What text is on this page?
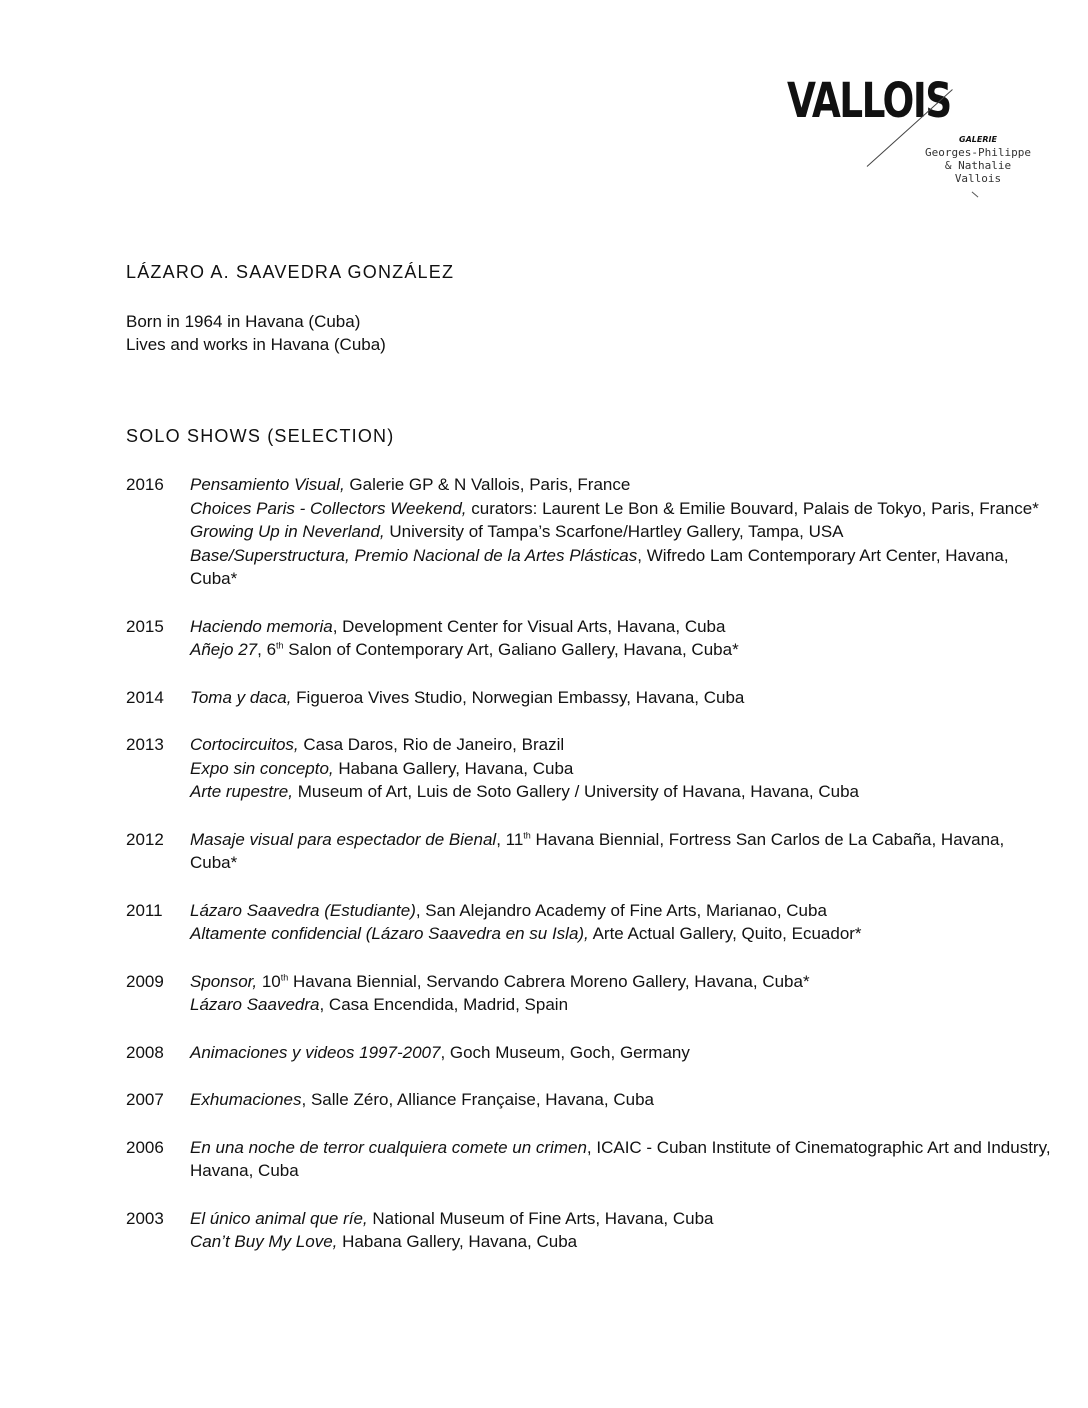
VALLOIS
GALERIE
Georges-Philippe
& Nathalie
Vallois
LÁZARO A. SAAVEDRA GONZÁLEZ
Born in 1964 in Havana (Cuba)
Lives and works in Havana (Cuba)
SOLO SHOWS (SELECTION)
2016	Pensamiento Visual, Galerie GP & N Vallois, Paris, France
Choices Paris - Collectors Weekend, curators: Laurent Le Bon & Emilie Bouvard, Palais de Tokyo, Paris, France*
Growing Up in Neverland, University of Tampa’s Scarfone/Hartley Gallery, Tampa, USA
Base/Superstructura, Premio Nacional de la Artes Plásticas, Wifredo Lam Contemporary Art Center, Havana, Cuba*
2015	Haciendo memoria, Development Center for Visual Arts, Havana, Cuba
Añejo 27, 6th Salon of Contemporary Art, Galiano Gallery, Havana, Cuba*
2014	Toma y daca, Figueroa Vives Studio, Norwegian Embassy, Havana, Cuba
2013	Cortocircuitos, Casa Daros, Rio de Janeiro, Brazil
Expo sin concepto, Habana Gallery, Havana, Cuba
Arte rupestre, Museum of Art, Luis de Soto Gallery / University of Havana, Havana, Cuba
2012	Masaje visual para espectador de Bienal, 11th Havana Biennial, Fortress San Carlos de La Cabaña, Havana, Cuba*
2011	Lázaro Saavedra (Estudiante), San Alejandro Academy of Fine Arts, Marianao, Cuba
Altamente confidencial (Lázaro Saavedra en su Isla), Arte Actual Gallery, Quito, Ecuador*
2009	Sponsor, 10th Havana Biennial, Servando Cabrera Moreno Gallery, Havana, Cuba*
Lázaro Saavedra, Casa Encendida, Madrid, Spain
2008	Animaciones y videos 1997-2007, Goch Museum, Goch, Germany
2007	Exhumaciones, Salle Zéro, Alliance Française, Havana, Cuba
2006	En una noche de terror cualquiera comete un crimen, ICAIC - Cuban Institute of Cinematographic Art and Industry, Havana, Cuba
2003	El único animal que ríe, National Museum of Fine Arts, Havana, Cuba
Can’t Buy My Love, Habana Gallery, Havana, Cuba
